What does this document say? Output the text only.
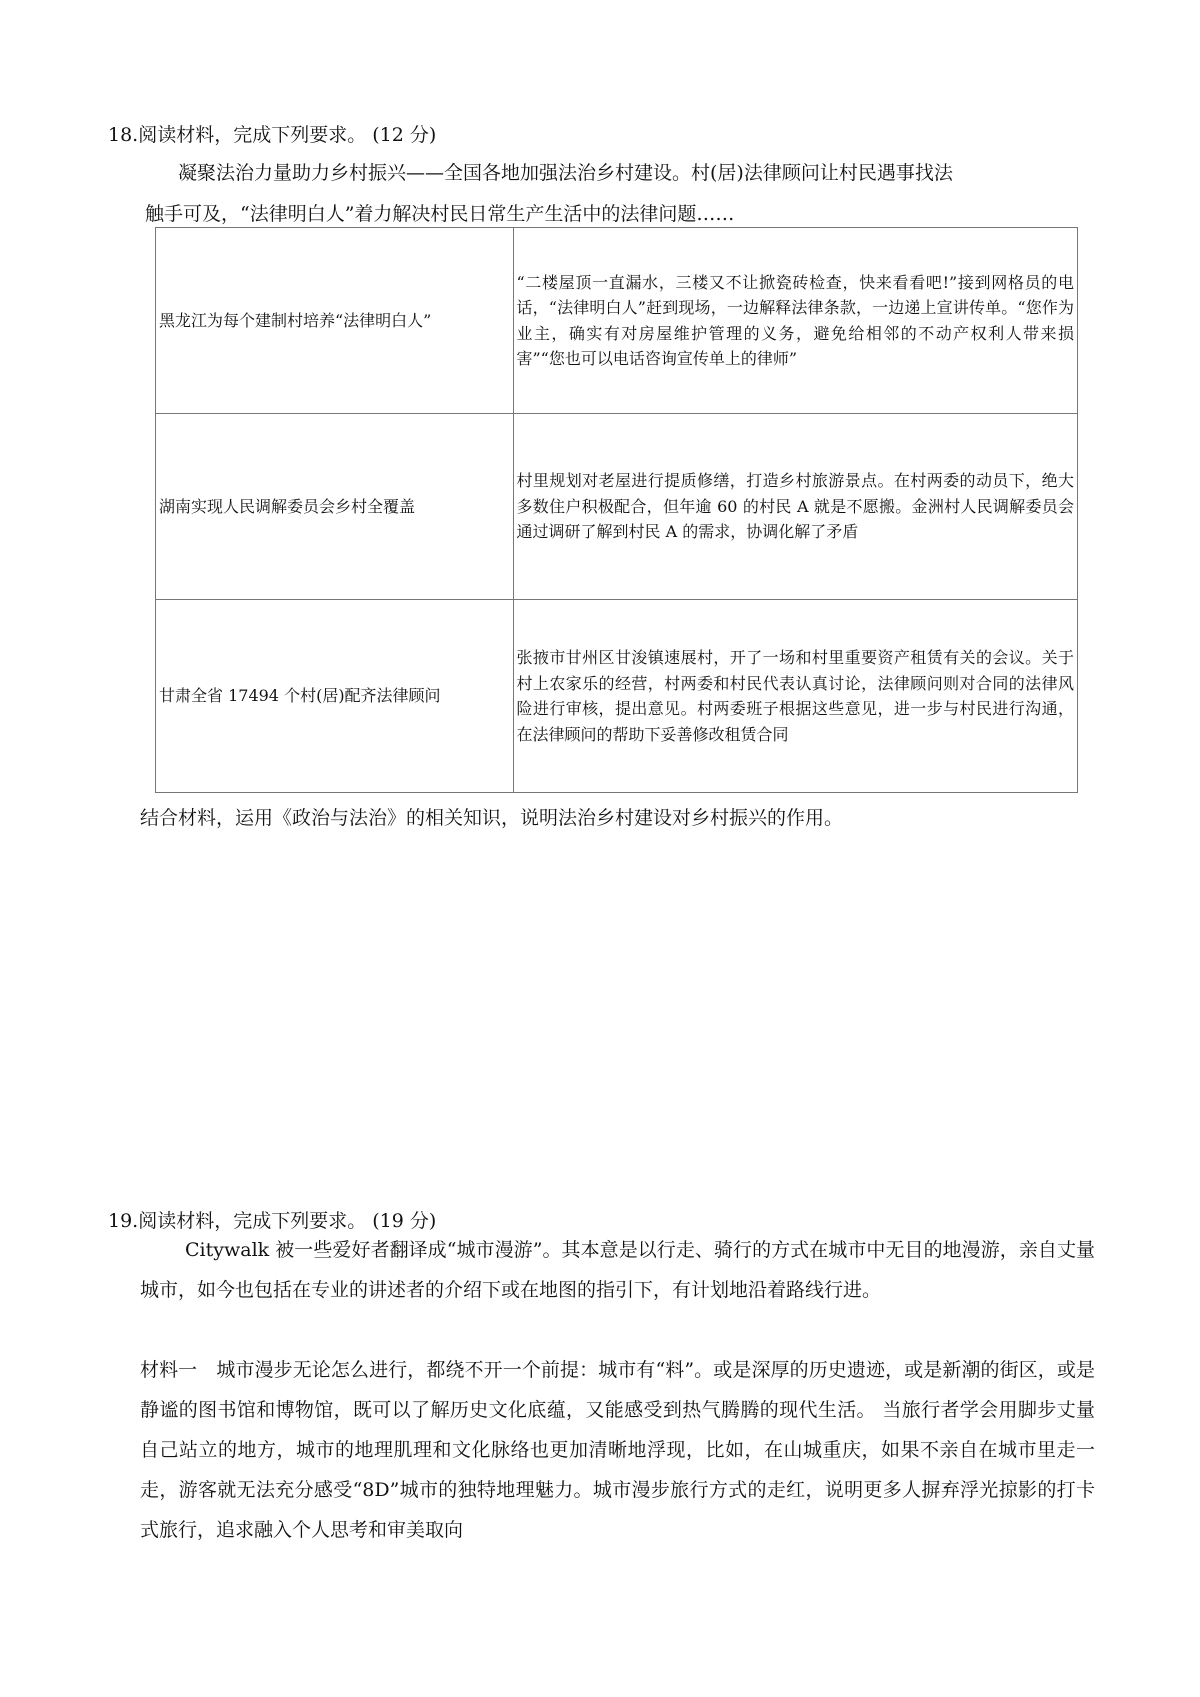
18.阅读材料，完成下列要求。 (12 分)
凝聚法治力量助力乡村振兴——全国各地加强法治乡村建设。村(居)法律顾问让村民遇事找法
触手可及，“法律明白人”着力解决村民日常生产生活中的法律问题……
黑龙江为每个建制村培养“法律明白人”	“二楼屋顶一直漏水，三楼又不让掀瓷砖检查，快来看看吧!”接到网格员的电话，“法律明白人”赶到现场，一边解释法律条款，一边递上宣讲传单。“您作为业主，确实有对房屋维护管理的义务，避免给相邻的不动产权利人带来损害”“您也可以电话咨询宣传单上的律师”
湖南实现人民调解委员会乡村全覆盖	村里规划对老屋进行提质修缮，打造乡村旅游景点。在村两委的动员下，绝大多数住户积极配合，但年逾 60 的村民 A 就是不愿搬。金洲村人民调解委员会通过调研了解到村民 A 的需求，协调化解了矛盾
甘肃全省 17494 个村(居)配齐法律顾问	张掖市甘州区甘浚镇速展村，开了一场和村里重要资产租赁有关的会议。关于村上农家乐的经营，村两委和村民代表认真讨论，法律顾问则对合同的法律风险进行审核，提出意见。村两委班子根据这些意见，进一步与村民进行沟通，在法律顾问的帮助下妥善修改租赁合同
结合材料，运用《政治与法治》的相关知识，说明法治乡村建设对乡村振兴的作用。
19.阅读材料，完成下列要求。 (19 分)
Citywalk 被一些爱好者翻译成“城市漫游”。其本意是以行走、骑行的方式在城市中无目的地漫游，亲自丈量城市，如今也包括在专业的讲述者的介绍下或在地图的指引下，有计划地沿着路线行进。
材料一　城市漫步无论怎么进行，都绕不开一个前提：城市有“料”。或是深厚的历史遗迹，或是新潮的街区，或是静谧的图书馆和博物馆，既可以了解历史文化底蕴，又能感受到热气腾腾的现代生活。 当旅行者学会用脚步丈量自己站立的地方，城市的地理肌理和文化脉络也更加清晰地浮现，比如，在山城重庆，如果不亲自在城市里走一走，游客就无法充分感受“8D”城市的独特地理魅力。城市漫步旅行方式的走红，说明更多人摒弃浮光掠影的打卡式旅行，追求融入个人思考和审美取向
